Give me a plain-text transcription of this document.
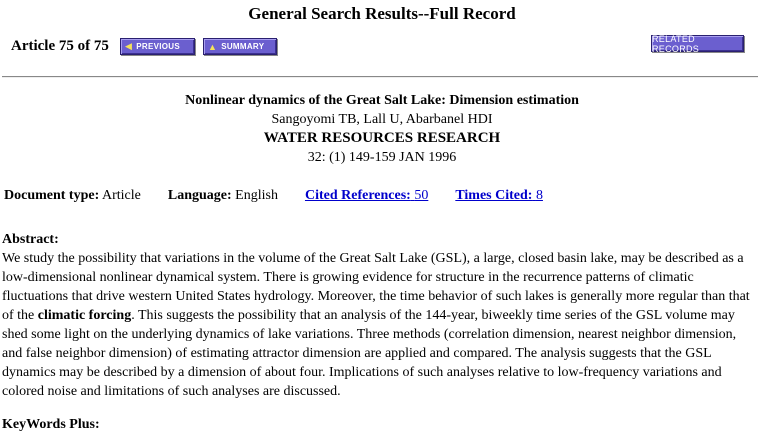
General Search Results--Full Record
Article 75 of 75 ◀ PREVIOUS	▲ SUMMARY
RELATED RECORDS
Nonlinear dynamics of the Great Salt Lake: Dimension estimation
Sangoyomi TB, Lall U, Abarbanel HDI
WATER RESOURCES RESEARCH
32: (1) 149-159 JAN 1996
Document type: Article Language: English Cited References: 50 Times Cited: 8
Abstract:
We study the possibility that variations in the volume of the Great Salt Lake (GSL), a large, closed basin lake, may be described as a low-dimensional nonlinear dynamical system. There is growing evidence for structure in the recurrence patterns of climatic fluctuations that drive western United States hydrology. Moreover, the time behavior of such lakes is generally more regular than that of the climatic forcing. This suggests the possibility that an analysis of the 144-year, biweekly time series of the GSL volume may shed some light on the underlying dynamics of lake variations. Three methods (correlation dimension, nearest neighbor dimension, and false neighbor dimension) of estimating attractor dimension are applied and compared. The analysis suggests that the GSL dynamics may be described by a dimension of about four. Implications of such analyses relative to low-frequency variations and colored noise and limitations of such analyses are discussed.
KeyWords Plus:
